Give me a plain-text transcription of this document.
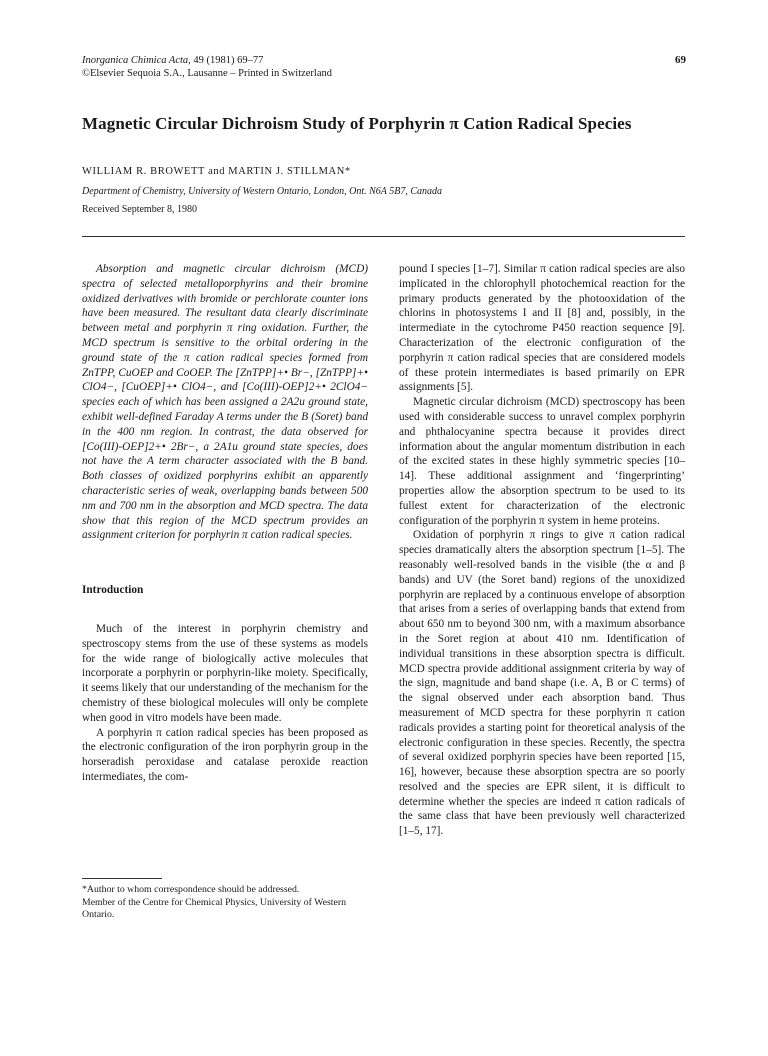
Inorganica Chimica Acta, 49 (1981) 69–77
©Elsevier Sequoia S.A., Lausanne – Printed in Switzerland
69
Magnetic Circular Dichroism Study of Porphyrin π Cation Radical Species
WILLIAM R. BROWETT and MARTIN J. STILLMAN*
Department of Chemistry, University of Western Ontario, London, Ont. N6A 5B7, Canada
Received September 8, 1980

Absorption and magnetic circular dichroism (MCD) spectra of selected metalloporphyrins and their bromine oxidized derivatives with bromide or perchlorate counter ions have been measured. The resultant data clearly discriminate between metal and porphyrin π ring oxidation. Further, the MCD spectrum is sensitive to the orbital ordering in the ground state of the π cation radical species formed from ZnTPP, CuOEP and CoOEP. The [ZnTPP]+• Br−, [ZnTPP]+• ClO4−, [CuOEP]+• ClO4−, and [Co(III)-OEP]2+• 2ClO4− species each of which has been assigned a 2A2u ground state, exhibit well-defined Faraday A terms under the B (Soret) band in the 400 nm region. In contrast, the data observed for [Co(III)-OEP]2+• 2Br−, a 2A1u ground state species, does not have the A term character associated with the B band. Both classes of oxidized porphyrins exhibit an apparently characteristic series of weak, overlapping bands between 500 nm and 700 nm in the absorption and MCD spectra. The data show that this region of the MCD spectrum provides an assignment criterion for porphyrin π cation radical species.

Introduction

Much of the interest in porphyrin chemistry and spectroscopy stems from the use of these systems as models for the wide range of biologically active molecules that incorporate a porphyrin or porphyrin-like moiety. Specifically, it seems likely that our understanding of the mechanism for the chemistry of these biological molecules will only be complete when good in vitro models have been made.

A porphyrin π cation radical species has been proposed as the electronic configuration of the iron porphyrin group in the horseradish peroxidase and catalase peroxide reaction intermediates, the com-

pound I species [1–7]. Similar π cation radical species are also implicated in the chlorophyll photochemical reaction for the primary products generated by the photooxidation of the chlorins in photosystems I and II [8] and, possibly, in the intermediate in the cytochrome P450 reaction sequence [9]. Characterization of the electronic configuration of the porphyrin π cation radical species that are considered models of these protein intermediates is based primarily on EPR assignments [5].

Magnetic circular dichroism (MCD) spectroscopy has been used with considerable success to unravel complex porphyrin and phthalocyanine spectra because it provides direct information about the angular momentum distribution in each of the excited states in these highly symmetric species [10–14]. These additional assignment and ‘fingerprinting’ properties allow the absorption spectrum to be used to its fullest extent for characterization of the electronic configuration of the porphyrin π system in heme proteins.

Oxidation of porphyrin π rings to give π cation radical species dramatically alters the absorption spectrum [1–5]. The reasonably well-resolved bands in the visible (the α and β bands) and UV (the Soret band) regions of the unoxidized porphyrin are replaced by a continuous envelope of absorption that arises from a series of overlapping bands that extend from about 650 nm to beyond 300 nm, with a maximum absorbance in the Soret region at about 410 nm. Identification of individual transitions in these absorption spectra is difficult. MCD spectra provide additional assignment criteria by way of the sign, magnitude and band shape (i.e. A, B or C terms) of the signal observed under each absorption band. Thus measurement of MCD spectra for these porphyrin π cation radicals provides a starting point for theoretical analysis of the electronic configuration in these species. Recently, the spectra of several oxidized porphyrin species have been reported [15, 16], however, because these absorption spectra are so poorly resolved and the species are EPR silent, it is difficult to determine whether the species are indeed π cation radicals of the same class that have been previously well characterized [1–5, 17].

*Author to whom correspondence should be addressed.
Member of the Centre for Chemical Physics, University of Western Ontario.
